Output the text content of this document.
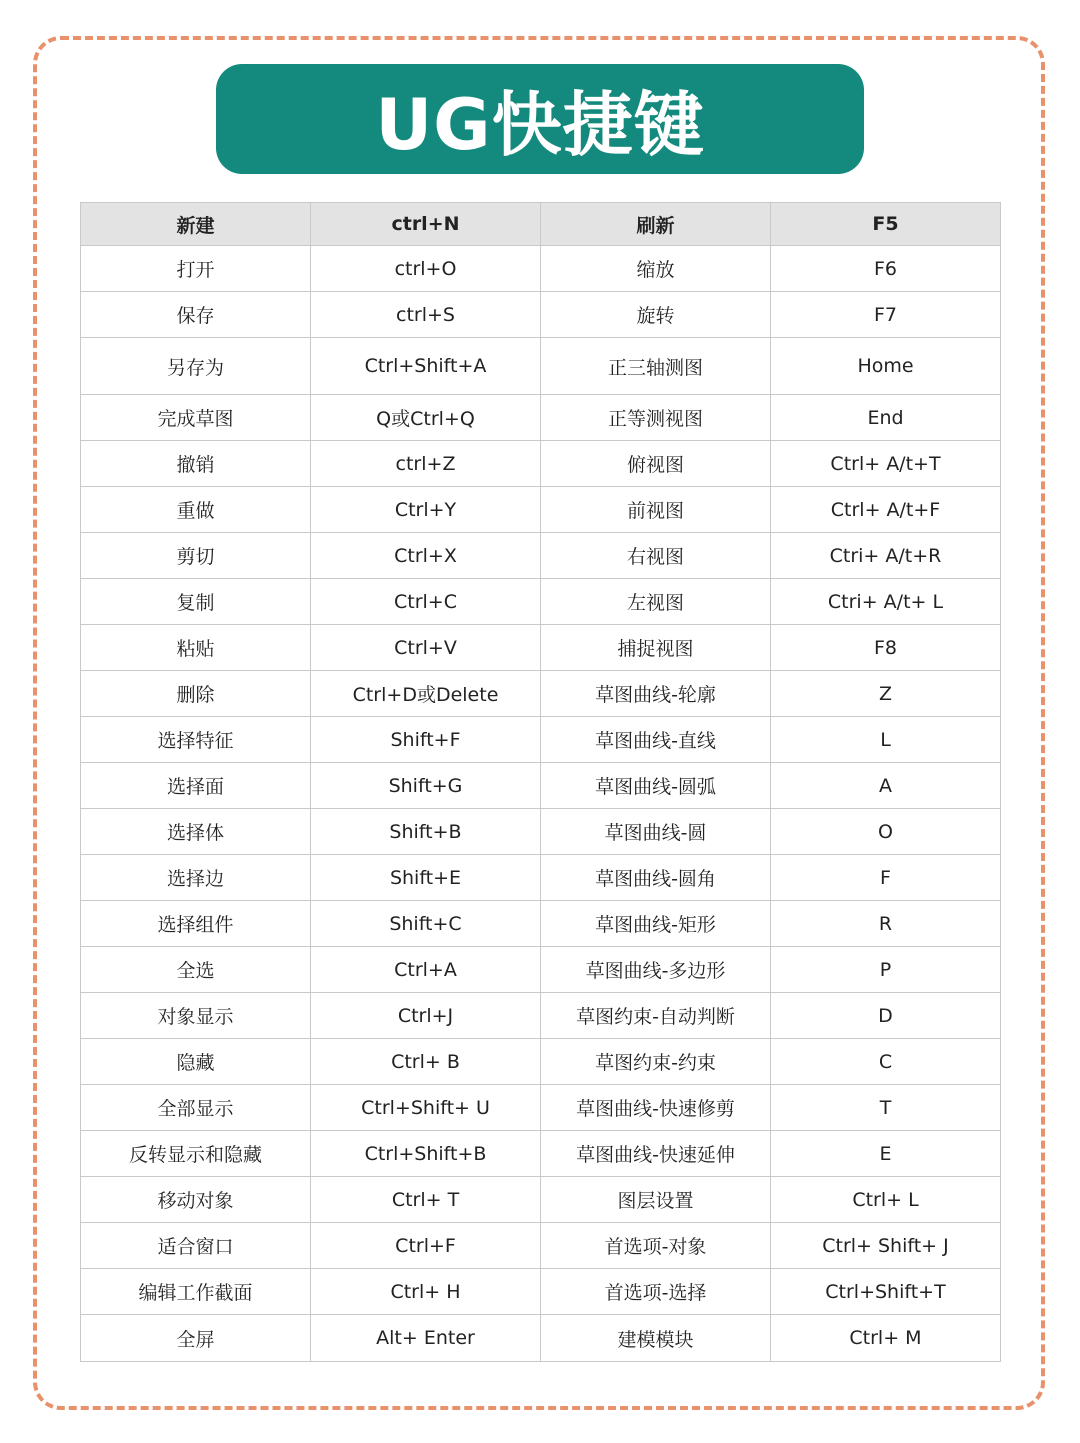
UG快捷键
新建	ctrl+N	刷新	F5
打开	ctrl+O	缩放	F6
保存	ctrl+S	旋转	F7
另存为	Ctrl+Shift+A	正三轴测图	Home
完成草图	Q或Ctrl+Q	正等测视图	End
撤销	ctrl+Z	俯视图	Ctrl+ A/t+T
重做	Ctrl+Y	前视图	Ctrl+ A/t+F
剪切	Ctrl+X	右视图	Ctri+ A/t+R
复制	Ctrl+C	左视图	Ctri+ A/t+ L
粘贴	Ctrl+V	捕捉视图	F8
删除	Ctrl+D或Delete	草图曲线-轮廓	Z
选择特征	Shift+F	草图曲线-直线	L
选择面	Shift+G	草图曲线-圆弧	A
选择体	Shift+B	草图曲线-圆	O
选择边	Shift+E	草图曲线-圆角	F
选择组件	Shift+C	草图曲线-矩形	R
全选	Ctrl+A	草图曲线-多边形	P
对象显示	Ctrl+J	草图约束-自动判断	D
隐藏	Ctrl+ B	草图约束-约束	C
全部显示	Ctrl+Shift+ U	草图曲线-快速修剪	T
反转显示和隐藏	Ctrl+Shift+B	草图曲线-快速延伸	E
移动对象	Ctrl+ T	图层设置	Ctrl+ L
适合窗口	Ctrl+F	首选项-对象	Ctrl+ Shift+ J
编辑工作截面	Ctrl+ H	首选项-选择	Ctrl+Shift+T
全屏	Alt+ Enter	建模模块	Ctrl+ M
